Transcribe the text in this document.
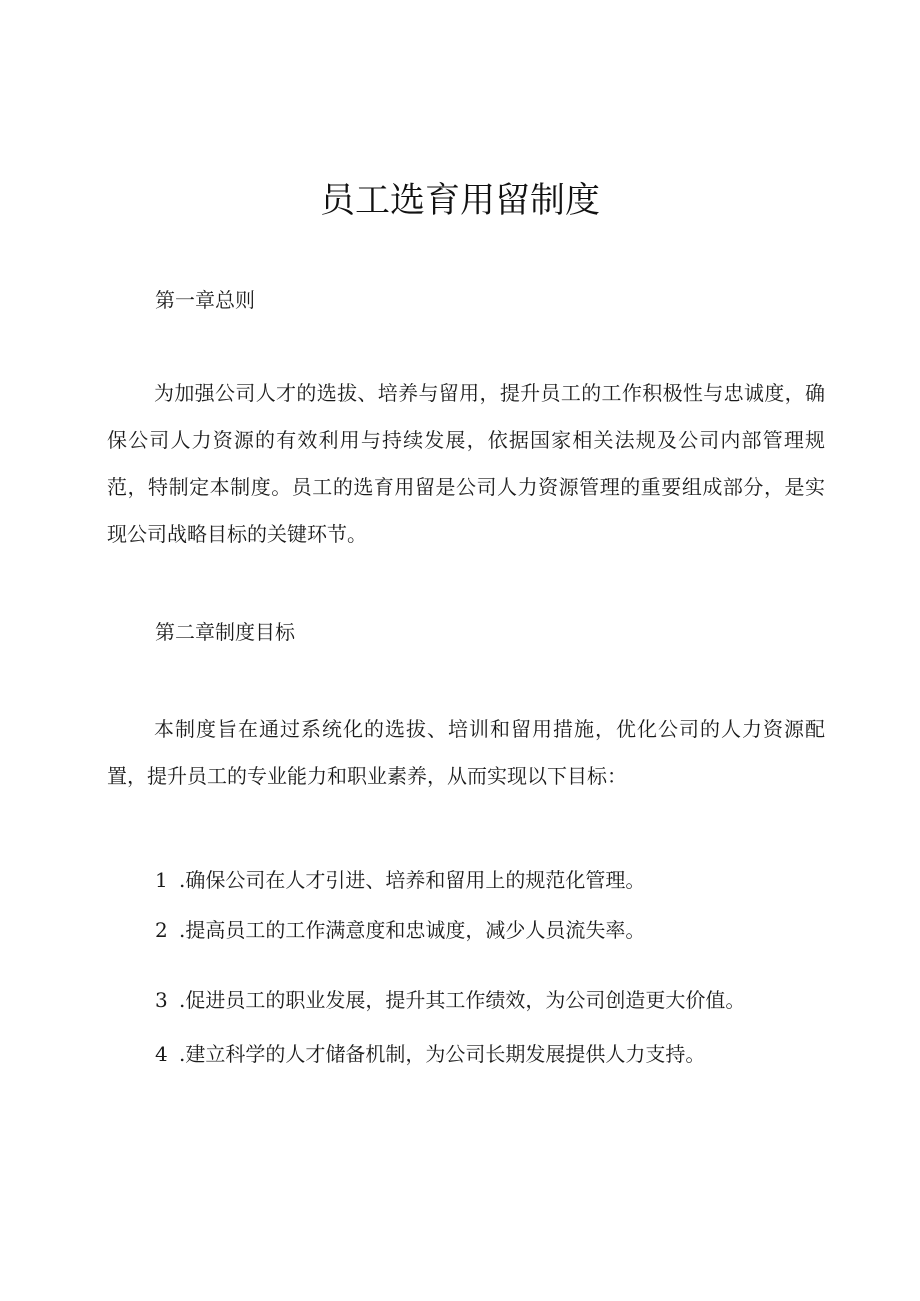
员工选育用留制度
第一章总则
为加强公司人才的选拔、培养与留用，提升员工的工作积极性与忠诚度，确保公司人力资源的有效利用与持续发展，依据国家相关法规及公司内部管理规范，特制定本制度。员工的选育用留是公司人力资源管理的重要组成部分，是实现公司战略目标的关键环节。
第二章制度目标
本制度旨在通过系统化的选拔、培训和留用措施，优化公司的人力资源配置，提升员工的专业能力和职业素养，从而实现以下目标：
1 .确保公司在人才引进、培养和留用上的规范化管理。
2 .提高员工的工作满意度和忠诚度，减少人员流失率。
3 .促进员工的职业发展，提升其工作绩效，为公司创造更大价值。
4 .建立科学的人才储备机制，为公司长期发展提供人力支持。
